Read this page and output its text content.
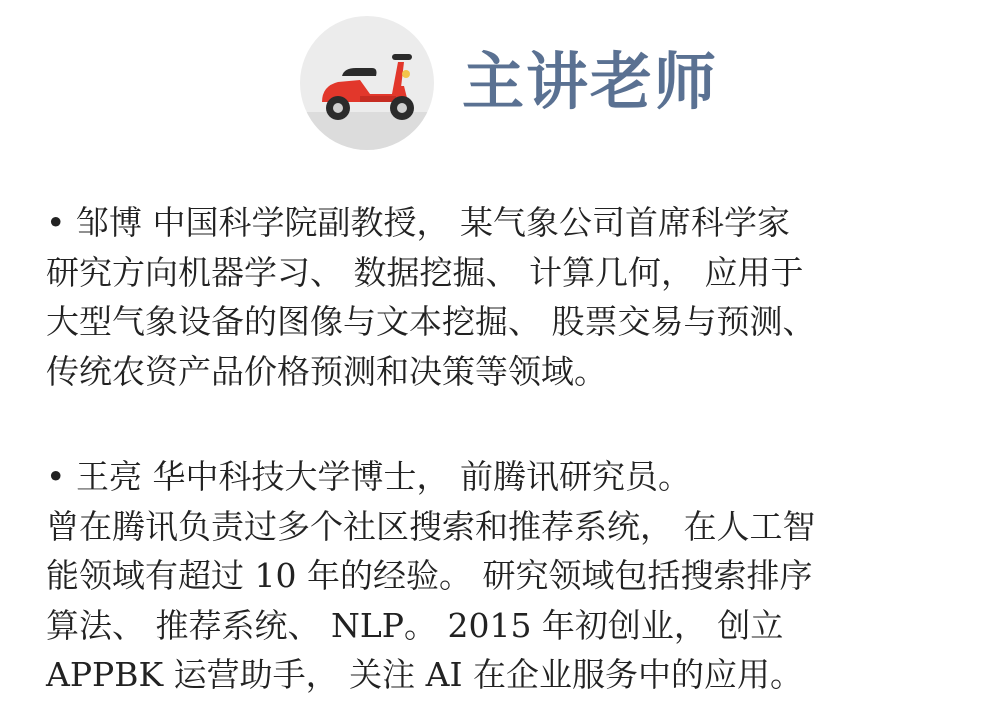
主讲老师

• 邹博 中国科学院副教授， 某气象公司首席科学家

研究方向机器学习、 数据挖掘、 计算几何， 应用于

大型气象设备的图像与文本挖掘、 股票交易与预测、

传统农资产品价格预测和决策等领域。

• 王亮 华中科技大学博士， 前腾讯研究员。

曾在腾讯负责过多个社区搜索和推荐系统， 在人工智

能领域有超过 10 年的经验。 研究领域包括搜索排序

算法、 推荐系统、 NLP。 2015 年初创业， 创立

APPBK 运营助手， 关注 AI 在企业服务中的应用。
